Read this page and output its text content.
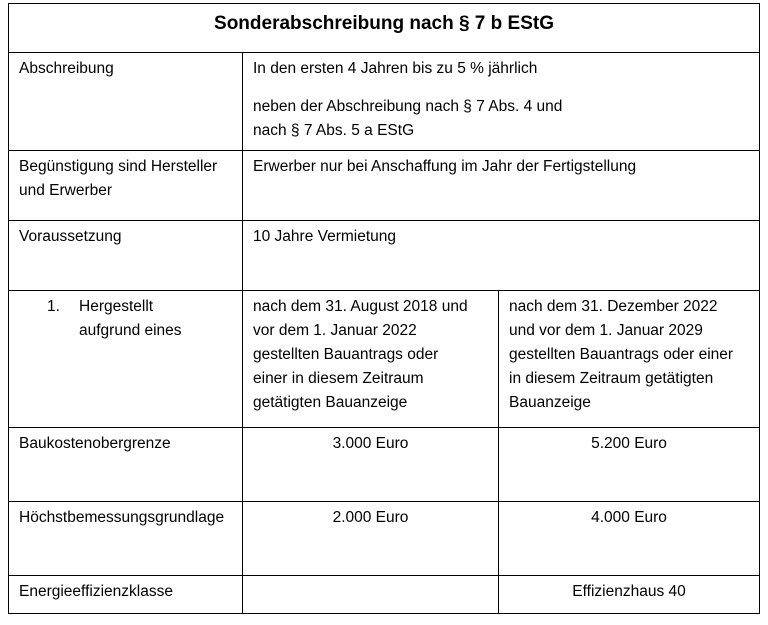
Sonderabschreibung nach § 7 b EStG		
Abschreibung	In den ersten 4 Jahren bis zu 5 % jährlich
neben der Abschreibung nach § 7 Abs. 4 und
nach § 7 Abs. 5 a EStG	

Begünstigung sind Hersteller
und Erwerber	Erwerber nur bei Anschaffung im Jahr der Fertigstellung	
Voraussetzung	10 Jahre Vermietung	

1. Hergestellt
aufgrund eines	nach dem 31. August 2018 und
vor dem 1. Januar 2022
gestellten Bauantrags oder
einer in diesem Zeitraum
getätigten Bauanzeige	nach dem 31. Dezember 2022
und vor dem 1. Januar 2029
gestellten Bauantrags oder einer
in diesem Zeitraum getätigten
Bauanzeige

Baukostenobergrenze	3.000 Euro	5.200 Euro
Höchstbemessungsgrundlage	2.000 Euro	4.000 Euro
Energieeffizienzklasse		Effizienzhaus 40
